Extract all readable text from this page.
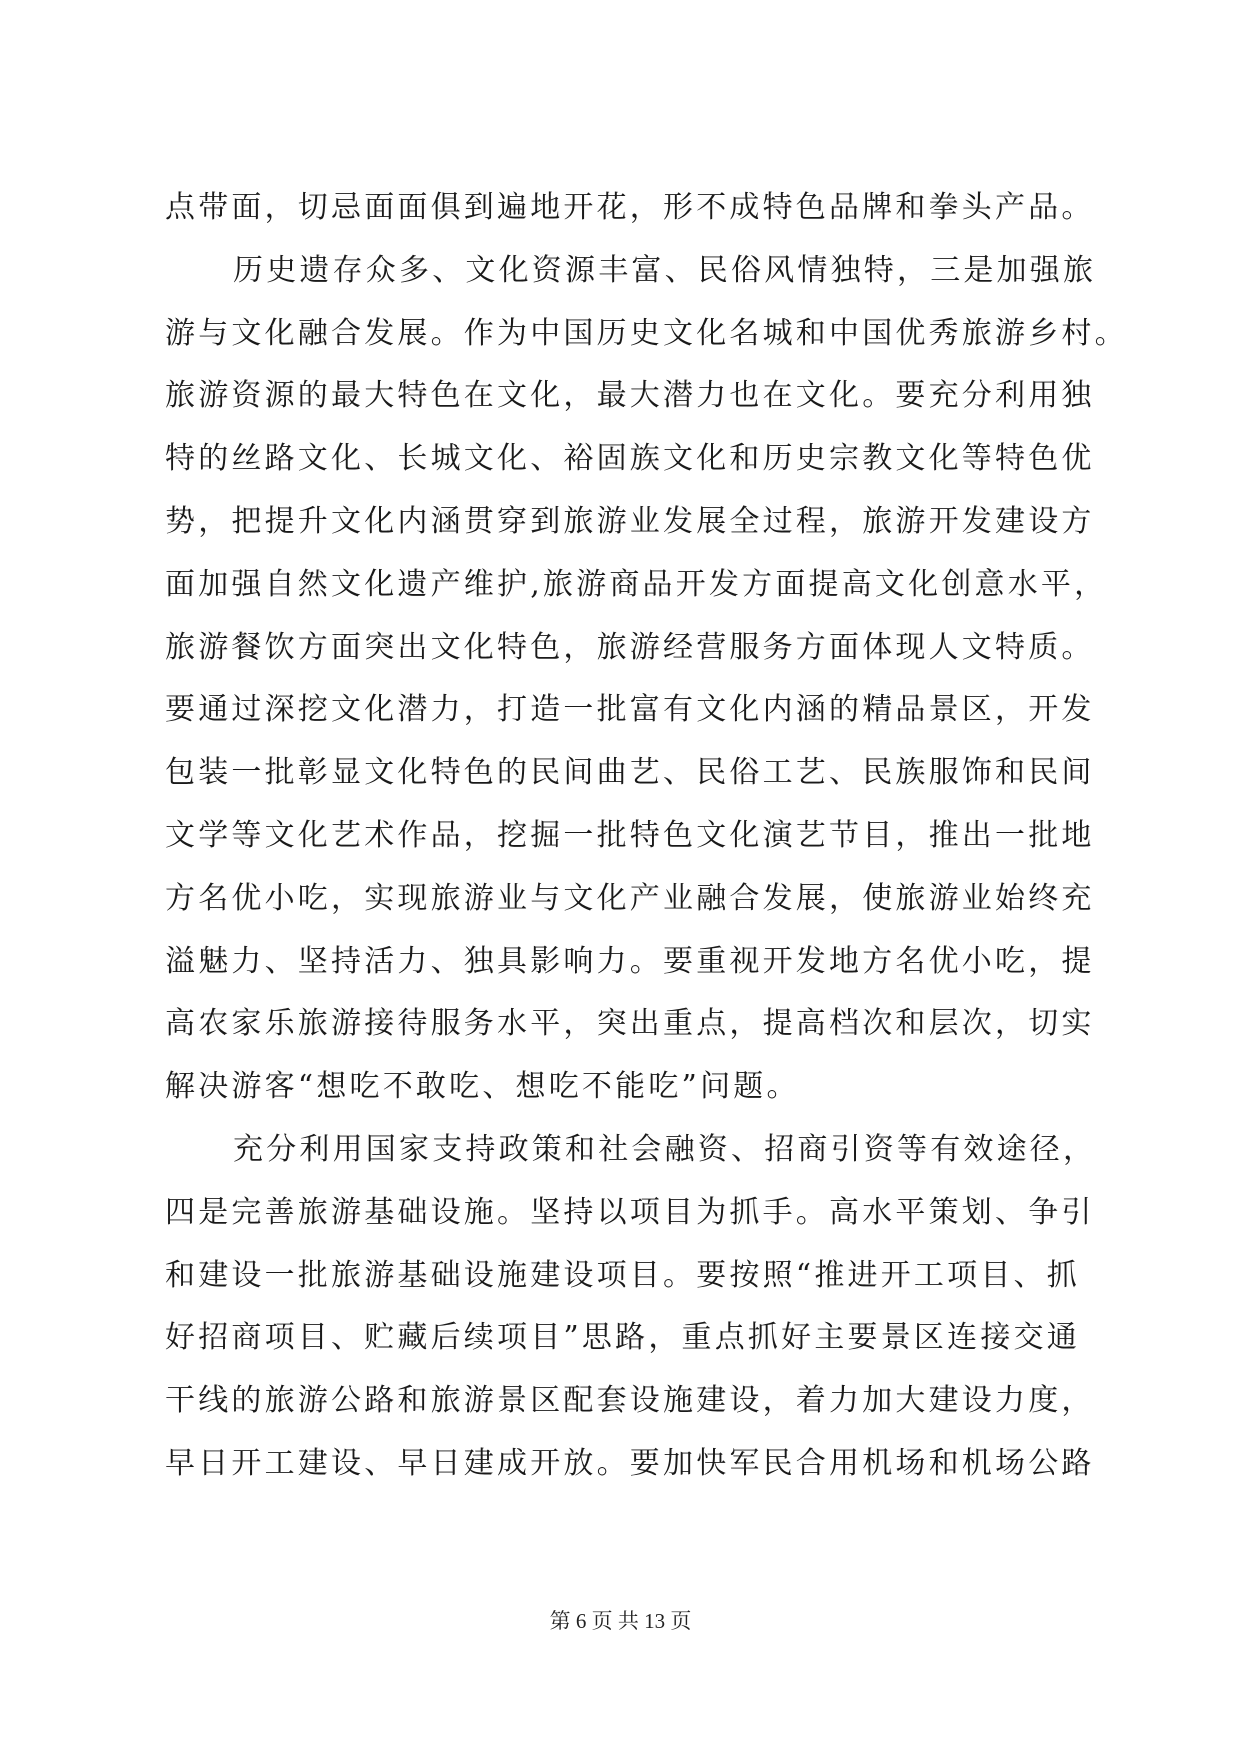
点带面，切忌面面俱到遍地开花，形不成特色品牌和拳头产品。
历史遗存众多、文化资源丰富、民俗风情独特，三是加强旅
游与文化融合发展。作为中国历史文化名城和中国优秀旅游乡村。
旅游资源的最大特色在文化，最大潜力也在文化。要充分利用独
特的丝路文化、长城文化、裕固族文化和历史宗教文化等特色优
势，把提升文化内涵贯穿到旅游业发展全过程，旅游开发建设方
面加强自然文化遗产维护,旅游商品开发方面提高文化创意水平，
旅游餐饮方面突出文化特色，旅游经营服务方面体现人文特质。
要通过深挖文化潜力，打造一批富有文化内涵的精品景区，开发
包装一批彰显文化特色的民间曲艺、民俗工艺、民族服饰和民间
文学等文化艺术作品，挖掘一批特色文化演艺节目，推出一批地
方名优小吃，实现旅游业与文化产业融合发展，使旅游业始终充
溢魅力、坚持活力、独具影响力。要重视开发地方名优小吃，提
高农家乐旅游接待服务水平，突出重点，提高档次和层次，切实
解决游客“想吃不敢吃、想吃不能吃”问题。
充分利用国家支持政策和社会融资、招商引资等有效途径，
四是完善旅游基础设施。坚持以项目为抓手。高水平策划、争引
和建设一批旅游基础设施建设项目。要按照“推进开工项目、抓
好招商项目、贮藏后续项目”思路，重点抓好主要景区连接交通
干线的旅游公路和旅游景区配套设施建设，着力加大建设力度，
早日开工建设、早日建成开放。要加快军民合用机场和机场公路
第 6 页 共 13 页
